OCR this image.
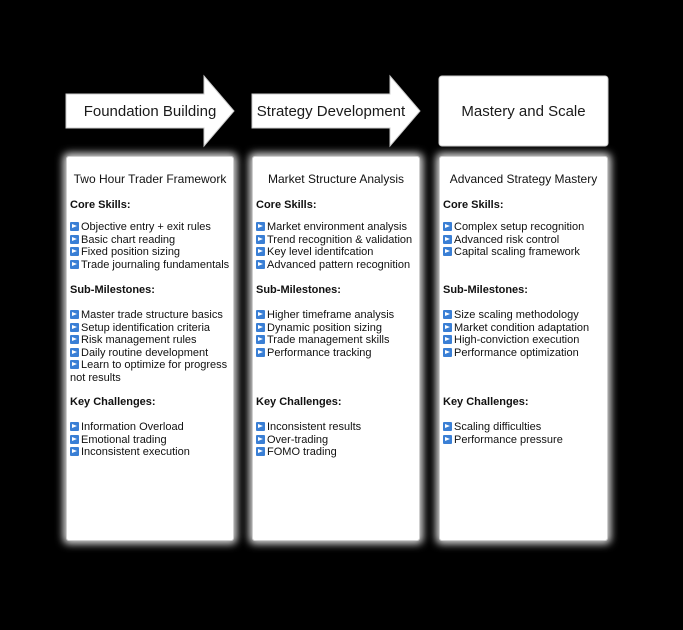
Foundation Building	Strategy Development	Mastery and Scale
Two Hour Trader Framework
Core Skills:
Objective entry + exit rules
Basic chart reading
Fixed position sizing
Trade journaling fundamentals
Sub-Milestones:
Master trade structure basics
Setup identification criteria
Risk management rules
Daily routine development
Learn to optimize for progress not results
Key Challenges:
Information Overload
Emotional trading
Inconsistent execution
Market Structure Analysis
Core Skills:
Market environment analysis
Trend recognition & validation
Key level identifcation
Advanced pattern recognition
Sub-Milestones:
Higher timeframe analysis
Dynamic position sizing
Trade management skills
Performance tracking
Key Challenges:
Inconsistent results
Over-trading
FOMO trading
Advanced Strategy Mastery
Core Skills:
Complex setup recognition
Advanced risk control
Capital scaling framework
Sub-Milestones:
Size scaling methodology
Market condition adaptation
High-conviction execution
Performance optimization
Key Challenges:
Scaling difficulties
Performance pressure
